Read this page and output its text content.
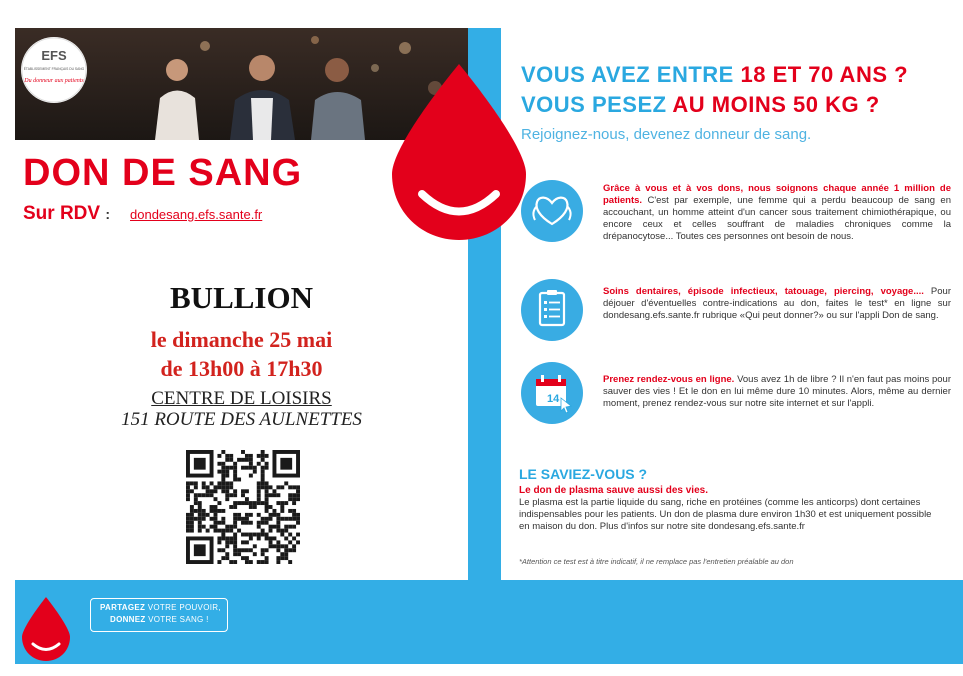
EFS
ÉTABLISSEMENT FRANÇAIS DU SANG
Du donneur aux patients
DON DE SANG
Sur RDV : dondesang.efs.sante.fr
BULLION
le dimanche 25 mai
de 13h00 à 17h30
CENTRE DE LOISIRS
151 ROUTE DES AULNETTES
VOUS AVEZ ENTRE 18 ET 70 ANS ?
VOUS PESEZ AU MOINS 50 KG ?
Rejoignez-nous, devenez donneur de sang.
14
Grâce à vous et à vos dons, nous soignons chaque année 1 million de patients. C'est par exemple, une femme qui a perdu beaucoup de sang en accouchant, un homme atteint d'un cancer sous traitement chimiothérapique, ou encore ceux et celles souffrant de maladies chroniques comme la drépanocytose... Toutes ces personnes ont besoin de nous.
Soins dentaires, épisode infectieux, tatouage, piercing, voyage.... Pour déjouer d'éventuelles contre-indications au don, faites le test* en ligne sur dondesang.efs.sante.fr rubrique «Qui peut donner?» ou sur l'appli Don de sang.
Prenez rendez-vous en ligne. Vous avez 1h de libre ? Il n'en faut pas moins pour sauver des vies ! Et le don en lui même dure 10 minutes. Alors, même au dernier moment, prenez rendez-vous sur notre site internet et sur l'appli.
LE SAVIEZ-VOUS ?
Le don de plasma sauve aussi des vies.
Le plasma est la partie liquide du sang, riche en protéines (comme les anticorps) dont certaines indispensables pour les patients. Un don de plasma dure environ 1h30 et est uniquement possible en maison du don. Plus d'infos sur notre site dondesang.efs.sante.fr
*Attention ce test est à titre indicatif, il ne remplace pas l'entretien préalable au don
PARTAGEZ VOTRE POUVOIR,
DONNEZ VOTRE SANG !
